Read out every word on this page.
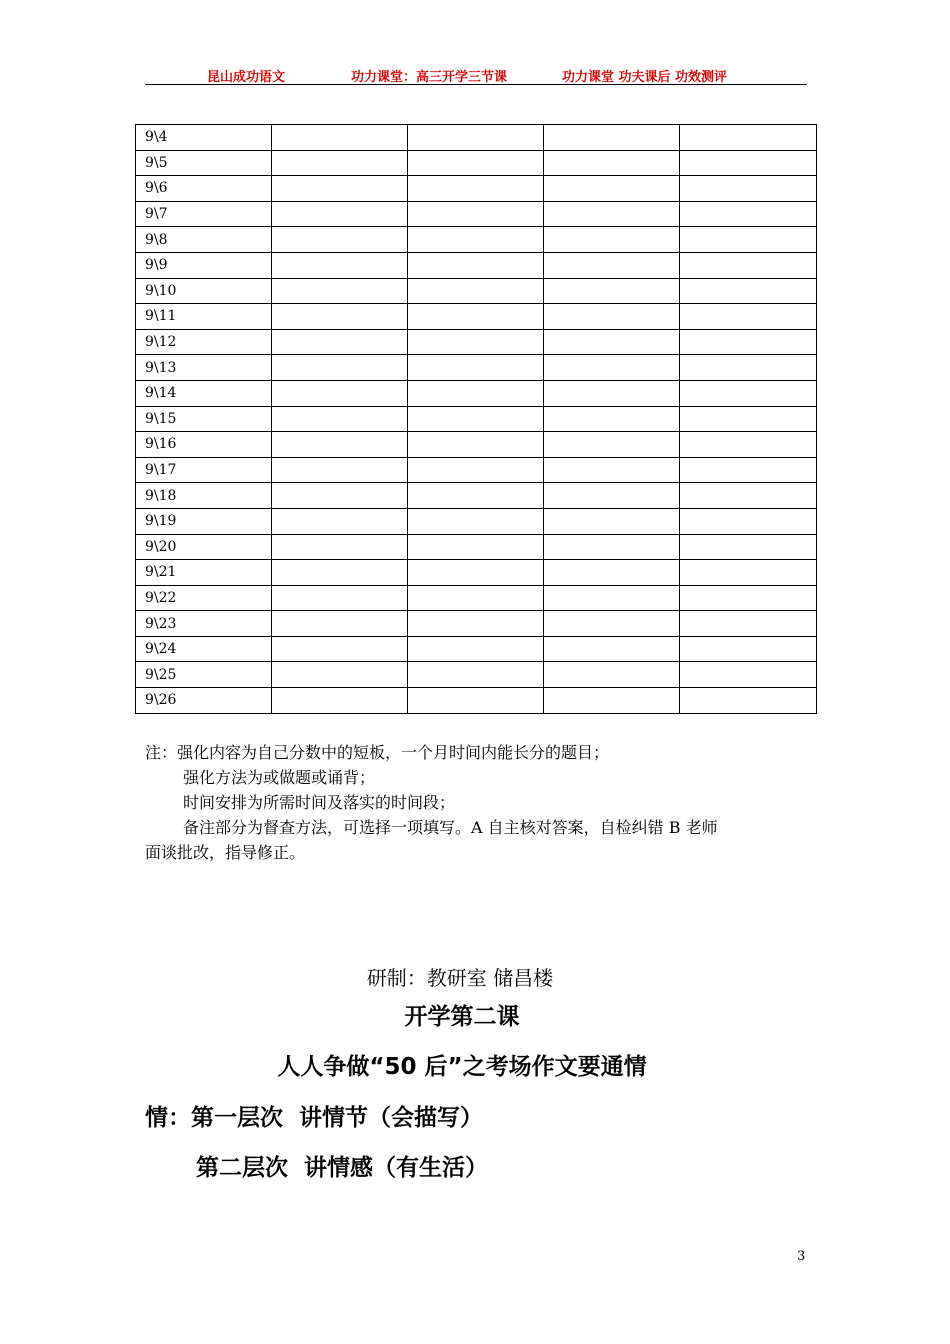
昆山成功语文	功力课堂：高三开学三节课	功力课堂 功夫课后 功效测评
9\4				
9\5				
9\6				
9\7				
9\8				
9\9				
9\10				
9\11				
9\12				
9\13				
9\14				
9\15				
9\16				
9\17				
9\18				
9\19				
9\20				
9\21				
9\22				
9\23				
9\24				
9\25				
9\26				
注：强化内容为自己分数中的短板，一个月时间内能长分的题目；
强化方法为或做题或诵背；
时间安排为所需时间及落实的时间段；
备注部分为督查方法，可选择一项填写。A 自主核对答案，自检纠错 B 老师
面谈批改，指导修正。
研制：教研室 储昌楼
开学第二课
人人争做“50 后”之考场作文要通情
情：第一层次  讲情节（会描写）
第二层次  讲情感（有生活）
3
